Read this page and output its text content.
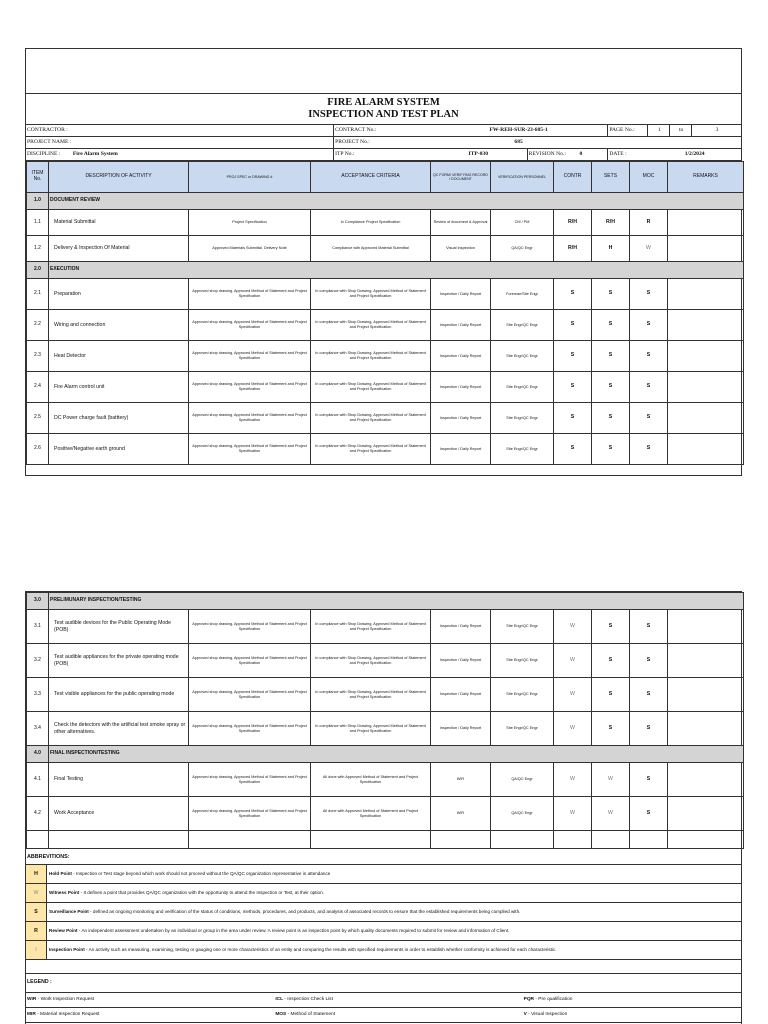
FIRE ALARM SYSTEM
INSPECTION AND TEST PLAN
CONTRACTOR :	CONTRACT No.:	FW-REH-SUR-23-685-1	PAGE No.:	1	to	3
PROJECT NAME :	PROJECT No.:	685
DISCIPLINE :	Fire Alarm System	ITP No.:	ITP-030	REVISION No.:	0	DATE :	1/2/2024
ITEM No.	DESCRIPTION OF ACTIVITY	PROJ SPEC or DRAWING #	ACCEPTANCE CRITERIA	QC FORM/ VERIFYING RECORD / DOCUMENT	VERIFICATION PERSONNEL	CONTR	SETS	MOC	REMARKS
1.0	DOCUMENT REVIEW								
1.1	Material Submittal	Project Specification	In Compliance Project Specification	Review of document & Approval	CM / PM	R/H	R/H	R	
1.2	Delivery & Inspection Of Material	Approved Materials Submittal, Delivery Note	Compliance with Approved Material Submittal	Visual Inspection	QA/QC Engr	R/H	H	W	
2.0	EXECUTION								
2.1	Preparation	Approved shop drawing, Approved Method of Statement and Project Specification	In compliance with Shop Drawing, Approved Method of Statement and Project Specification	Inspection / Daily Report	Foreman/Site Engr	S	S	S	
2.2	Wiring and connection	Approved shop drawing, Approved Method of Statement and Project Specification	In compliance with Shop Drawing, Approved Method of Statement and Project Specification	Inspection / Daily Report	Site Engr/QC Engr	S	S	S	
2.3	Heat Detector	Approved shop drawing, Approved Method of Statement and Project Specification	In compliance with Shop Drawing, Approved Method of Statement and Project Specification	Inspection / Daily Report	Site Engr/QC Engr	S	S	S	
2.4	Fire Alarm control unit	Approved shop drawing, Approved Method of Statement and Project Specification	In compliance with Shop Drawing, Approved Method of Statement and Project Specification	Inspection / Daily Report	Site Engr/QC Engr	S	S	S	
2.5	DC Power charge fault (batttery)	Approved shop drawing, Approved Method of Statement and Project Specification	In compliance with Shop Drawing, Approved Method of Statement and Project Specification	Inspection / Daily Report	Site Engr/QC Engr	S	S	S	
2.6	Positive/Negative earth ground	Approved shop drawing, Approved Method of Statement and Project Specification	In compliance with Shop Drawing, Approved Method of Statement and Project Specification	Inspection / Daily Report	Site Engr/QC Engr	S	S	S	
3.0	PRELIMUNARY INSPECTION/TESTING								
3.1	Test audible devices for the Public Operating Mode (POB)	Approved shop drawing, Approved Method of Statement and Project Specification	In compliance with Shop Drawing, Approved Method of Statement and Project Specification	Inspection / Daily Report	Site Engr/QC Engr	W	S	S	
3.2	Test audible appliances for the private operating mode (POB)	Approved shop drawing, Approved Method of Statement and Project Specification	In compliance with Shop Drawing, Approved Method of Statement and Project Specification	Inspection / Daily Report	Site Engr/QC Engr	W	S	S	
3.3	Test visible appliances for the public operating mode	Approved shop drawing, Approved Method of Statement and Project Specification	In compliance with Shop Drawing, Approved Method of Statement and Project Specification	Inspection / Daily Report	Site Engr/QC Engr	W	S	S	
3.4	Check the detectors with the artificial test smoke spray or other alternatives.	Approved shop drawing, Approved Method of Statement and Project Specification	In compliance with Shop Drawing, Approved Method of Statement and Project Specification	Inspection / Daily Report	Site Engr/QC Engr	W	S	S	
4.0	FINAL INSPECTION/TESTING								
4.1	Final Testing	Approved shop drawing, Approved Method of Statement and Project Specification	All done with Approved Method of Statement and Project Specification	WIR	QA/QC Engr	W	W	S	
4.2	Work Acceptance	Approved shop drawing, Approved Method of Statement and Project Specification	All done with Approved Method of Statement and Project Specification	WIR	QA/QC Engr	W	W	S	

ABBREVITIONS:
H	Hold Point - Inspection or Test stage beyond which work should not proceed without the QA/QC organization representative in attendance
W	Witness Point - It defines a point that provides QA/QC organization with the opportunity to attend the Inspection or Test, at their option.
S	Surveillance Point - defined as ongoing monitoring and verification of the status of conditions, methods, procedures, and products, and analysis of associated records to ensure that the established requirements being complied with.
R	Review Point - An independent assessment undertaken by an individual or group in the area under review. A review point is an inspection point by which quality documents required to submit for review and information of Client.
I	Inspection Point - An activity such as measuring, examining, testing or gauging one or more characteristics of an entity and comparing the results with specified requirements in order to establish whether conformity is achieved for each characteristic.
LEGEND :
WIR - Work Inspection Request	ICL - Inspection Check List	PQR - Pre qualification
MIR - Material Inspection Request	MOS - Method of Statement	V - Visual Inspection
